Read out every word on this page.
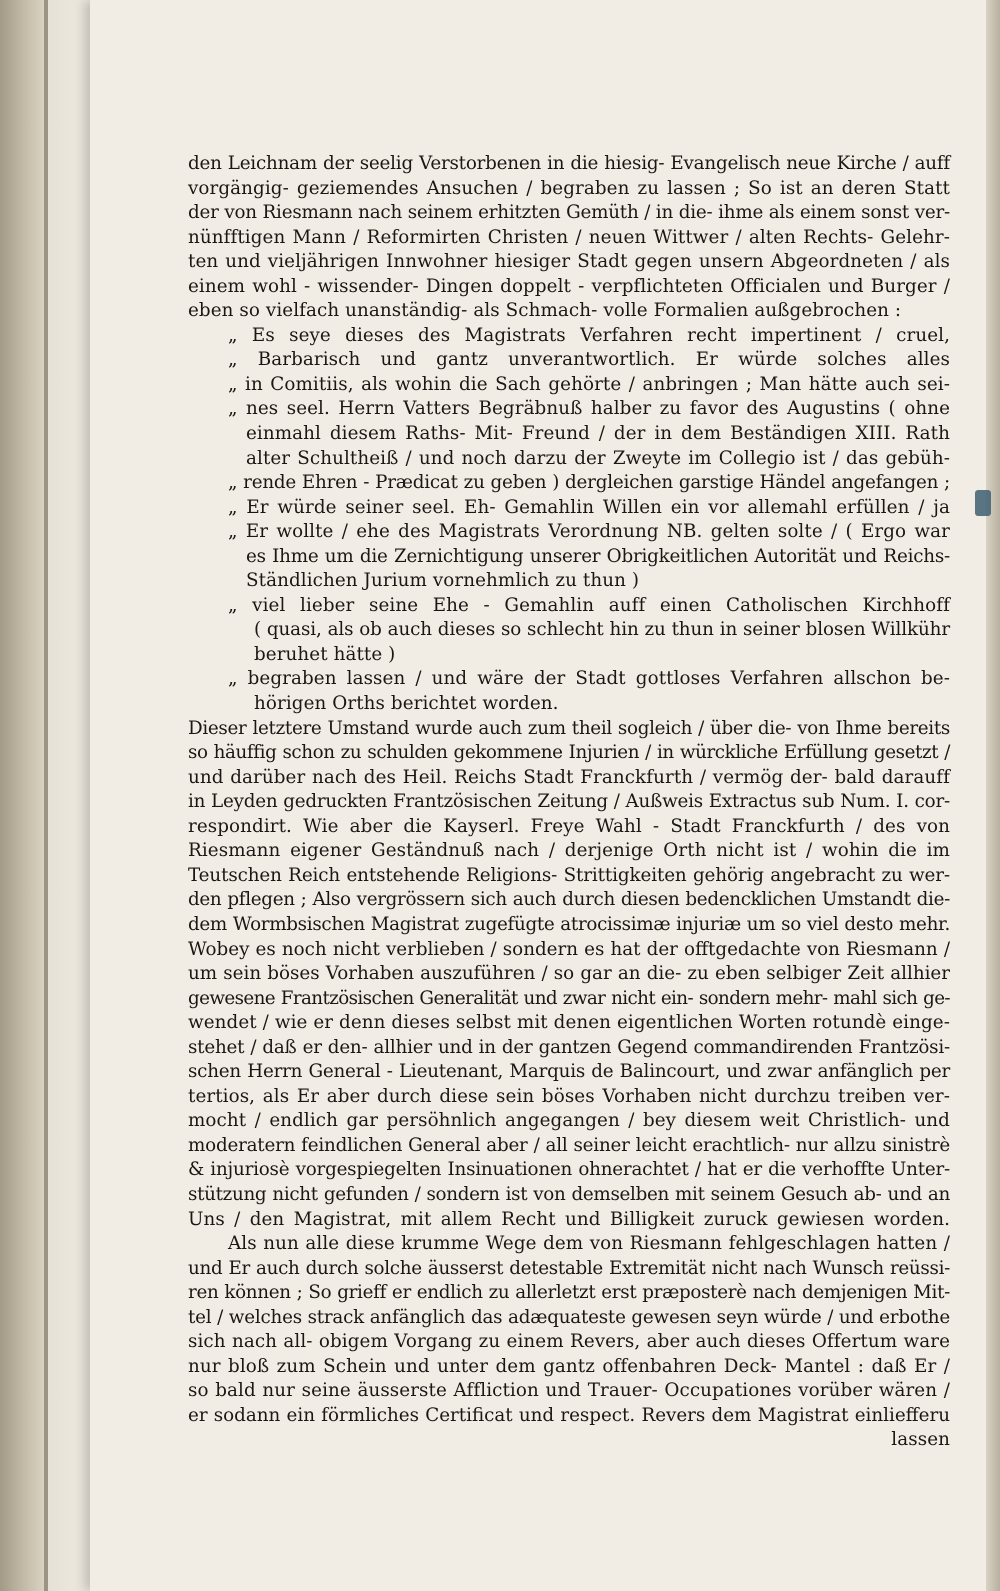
den Leichnam der seelig Verstorbenen in die hiesig- Evangelisch neue Kirche / auff
vorgängig- geziemendes Ansuchen / begraben zu lassen ; So ist an deren Statt
der von Riesmann nach seinem erhitzten Gemüth / in die- ihme als einem sonst ver-
nünfftigen Mann / Reformirten Christen / neuen Wittwer / alten Rechts- Gelehr-
ten und vieljährigen Innwohner hiesiger Stadt gegen unsern Abgeordneten / als
einem wohl - wissender- Dingen doppelt - verpflichteten Officialen und Burger /
eben so vielfach unanständig- als Schmach- volle Formalien außgebrochen :
„ Es seye dieses des Magistrats Verfahren recht impertinent / cruel,
„ Barbarisch und gantz unverantwortlich. Er würde solches alles
„ in Comitiis, als wohin die Sach gehörte / anbringen ; Man hätte auch sei-
„ nes seel. Herrn Vatters Begräbnuß halber zu favor des Augustins ( ohne
einmahl diesem Raths- Mit- Freund / der in dem Beständigen XIII. Rath
alter Schultheiß / und noch darzu der Zweyte im Collegio ist / das gebüh-
„ rende Ehren - Prædicat zu geben ) dergleichen garstige Händel angefangen ;
„ Er würde seiner seel. Eh- Gemahlin Willen ein vor allemahl erfüllen / ja
„ Er wollte / ehe des Magistrats Verordnung NB. gelten solte / ( Ergo war
es Ihme um die Zernichtigung unserer Obrigkeitlichen Autorität und Reichs-
Ständlichen Jurium vornehmlich zu thun )
„ viel lieber seine Ehe - Gemahlin auff einen Catholischen Kirchhoff
( quasi, als ob auch dieses so schlecht hin zu thun in seiner blosen Willkühr
beruhet hätte )
„ begraben lassen / und wäre der Stadt gottloses Verfahren allschon be-
hörigen Orths berichtet worden.
Dieser letztere Umstand wurde auch zum theil sogleich / über die- von Ihme bereits
so häuffig schon zu schulden gekommene Injurien / in würckliche Erfüllung gesetzt /
und darüber nach des Heil. Reichs Stadt Franckfurth / vermög der- bald darauff
in Leyden gedruckten Frantzösischen Zeitung / Außweis Extractus sub Num. I. cor-
respondirt. Wie aber die Kayserl. Freye Wahl - Stadt Franckfurth / des von
Riesmann eigener Geständnuß nach / derjenige Orth nicht ist / wohin die im
Teutschen Reich entstehende Religions- Strittigkeiten gehörig angebracht zu wer-
den pflegen ; Also vergrössern sich auch durch diesen bedencklichen Umstandt die-
dem Wormbsischen Magistrat zugefügte atrocissimæ injuriæ um so viel desto mehr.
Wobey es noch nicht verblieben / sondern es hat der offtgedachte von Riesmann /
um sein böses Vorhaben auszuführen / so gar an die- zu eben selbiger Zeit allhier
gewesene Frantzösischen Generalität und zwar nicht ein- sondern mehr- mahl sich ge-
wendet / wie er denn dieses selbst mit denen eigentlichen Worten rotundè einge-
stehet / daß er den- allhier und in der gantzen Gegend commandirenden Frantzösi-
schen Herrn General - Lieutenant, Marquis de Balincourt, und zwar anfänglich per
tertios, als Er aber durch diese sein böses Vorhaben nicht durchzu treiben ver-
mocht / endlich gar persöhnlich angegangen / bey diesem weit Christlich- und
moderatern feindlichen General aber / all seiner leicht erachtlich- nur allzu sinistrè
& injuriosè vorgespiegelten Insinuationen ohnerachtet / hat er die verhoffte Unter-
stützung nicht gefunden / sondern ist von demselben mit seinem Gesuch ab- und an
Uns / den Magistrat, mit allem Recht und Billigkeit zuruck gewiesen worden.
Als nun alle diese krumme Wege dem von Riesmann fehlgeschlagen hatten /
und Er auch durch solche äusserst detestable Extremität nicht nach Wunsch reüssi-
ren können ; So grieff er endlich zu allerletzt erst præposterè nach demjenigen Mit-
tel / welches strack anfänglich das adæquateste gewesen seyn würde / und erbothe
sich nach all- obigem Vorgang zu einem Revers, aber auch dieses Offertum ware
nur bloß zum Schein und unter dem gantz offenbahren Deck- Mantel : daß Er /
so bald nur seine äusserste Affliction und Trauer- Occupationes vorüber wären /
er sodann ein förmliches Certificat und respect. Revers dem Magistrat einliefferu
lassen
